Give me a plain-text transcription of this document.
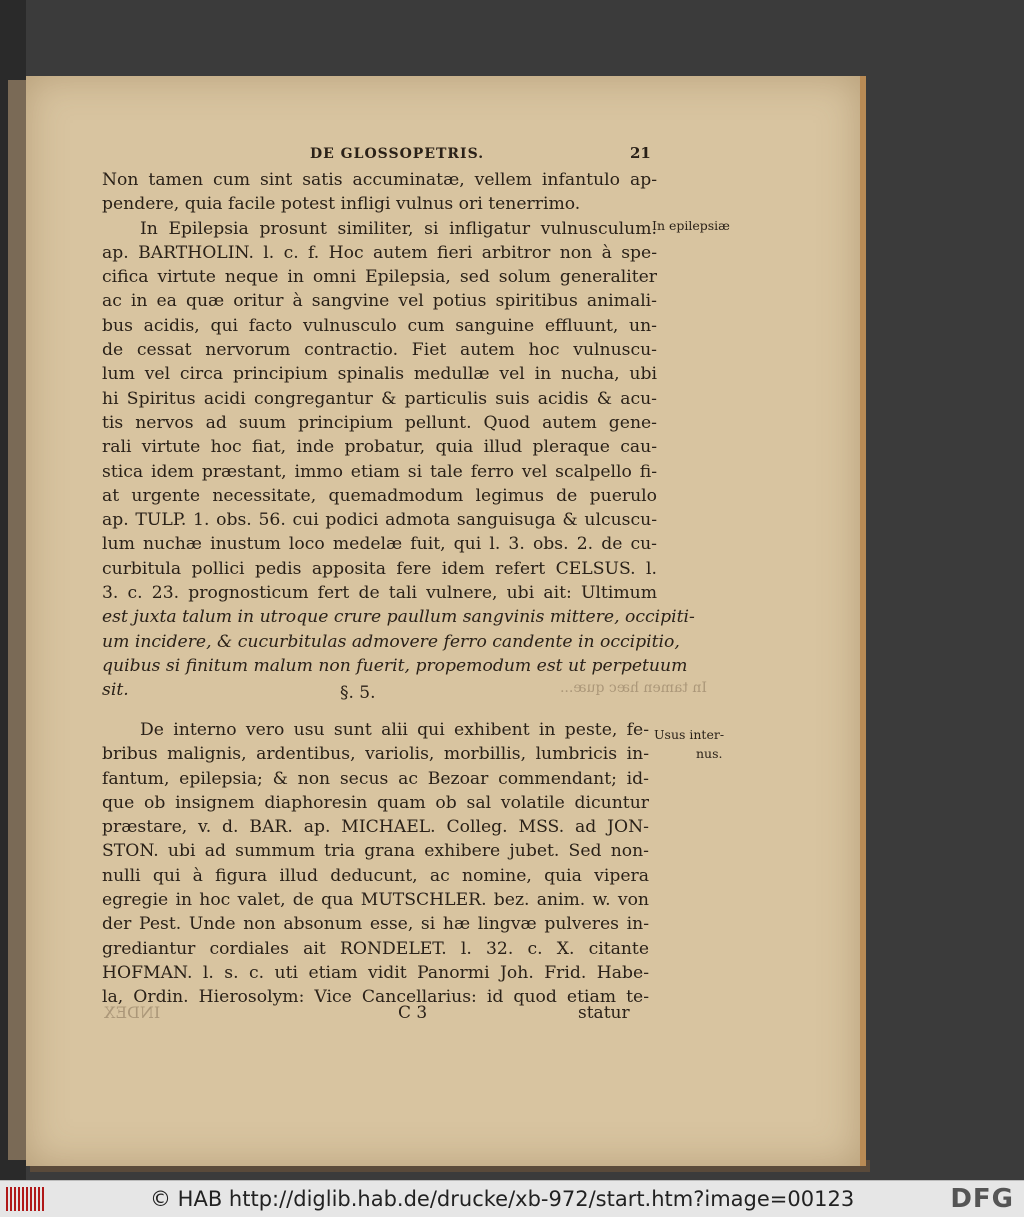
DE GLOSSOPETRIS.	21
Non tamen cum sint satis accuminatæ, vellem infantulo ap-
pendere, quia facile potest infligi vulnus ori tenerrimo.
In Epilepsia prosunt similiter, si infligatur vulnusculum.
ap. BARTHOLIN. l. c. f. Hoc autem fieri arbitror non à spe-
cifica virtute neque in omni Epilepsia, sed solum generaliter
ac in ea quæ oritur à sangvine vel potius spiritibus animali-
bus acidis, qui facto vulnusculo cum sanguine effluunt, un-
de cessat nervorum contractio. Fiet autem hoc vulnuscu-
lum vel circa principium spinalis medullæ vel in nucha, ubi
hi Spiritus acidi congregantur & particulis suis acidis & acu-
tis nervos ad suum principium pellunt. Quod autem gene-
rali virtute hoc fiat, inde probatur, quia illud pleraque cau-
stica idem præstant, immo etiam si tale ferro vel scalpello fi-
at urgente necessitate, quemadmodum legimus de puerulo
ap. TULP. 1. obs. 56. cui podici admota sanguisuga & ulcuscu-
lum nuchæ inustum loco medelæ fuit, qui l. 3. obs. 2. de cu-
curbitula pollici pedis apposita fere idem refert CELSUS. l.
3. c. 23. prognosticum fert de tali vulnere, ubi ait: Ultimum
est juxta talum in utroque crure paullum sangvinis mittere, occipiti-
um incidere, & cucurbitulas admovere ferro candente in occipitio,
quibus si finitum malum non fuerit, propemodum est ut perpetuum
sit.	In tamen hæc quæ...
§. 5.
De interno vero usu sunt alii qui exhibent in peste, fe-
bribus malignis, ardentibus, variolis, morbillis, lumbricis in-
fantum, epilepsia; & non secus ac Bezoar commendant; id-
que ob insignem diaphoresin quam ob sal volatile dicuntur
præstare, v. d. BAR. ap. MICHAEL. Colleg. MSS. ad JON-
STON. ubi ad summum tria grana exhibere jubet. Sed non-
nulli qui à figura illud deducunt, ac nomine, quia vipera
egregie in hoc valet, de qua MUTSCHLER. bez. anim. w. von
der Pest. Unde non absonum esse, si hæ lingvæ pulveres in-
grediantur cordiales ait RONDELET. l. 32. c. X. citante
HOFMAN. l. s. c. uti etiam vidit Panormi Joh. Frid. Habe-
la, Ordin. Hierosolym: Vice Cancellarius: id quod etiam te-
In epilepsiæ
Usus inter-
nus.
INDEX	C 3	statur
© HAB http://diglib.hab.de/drucke/xb-972/start.htm?image=00123	DFG
